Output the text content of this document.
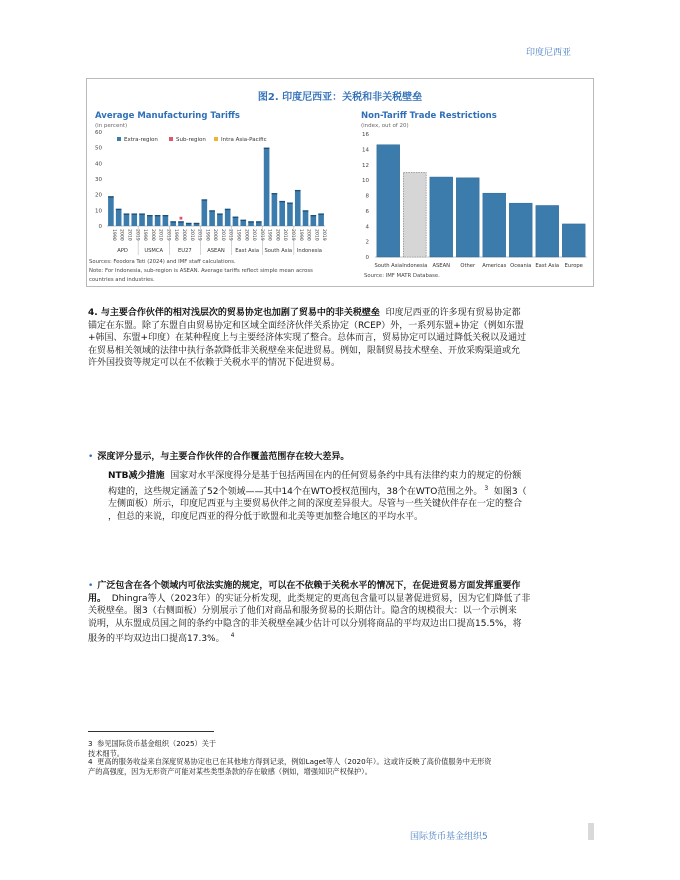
印度尼西亚
图2. 印度尼西亚：关税和非关税壁垒
Average Manufacturing Tariffs
(in percent)
0
10
20
30
40
50
60
Extra-region	Sub-region	Intra Asia-Pacific
1990 2000 2010 2019 1990 2000 2010 2019 1990 2000 2010 2019 1990 2000 2010 2019 1990 2000 2010 2019 1990 2000 2010 2019 1990 2000 2010 2019
APD	USMCA	EU27	ASEAN East Asia South Asia Indonesia
Sources: Feodora Teti (2024) and IMF staff calculations.
Note: For Indonesia, sub-region is ASEAN. Average tariffs reflect simple mean across
countries and industries.
Non-Tariff Trade Restrictions
(index, out of 20)
0
2
4
6
8
10
12
14
16
South Asia Indonesia ASEAN Other Americas Oceania East Asia Europe
Source: IMF MATR Database.
4. 与主要合作伙伴的相对浅层次的贸易协定也加剧了贸易中的非关税壁垒 印度尼西亚的许多现有贸易协定都
锚定在东盟。除了东盟自由贸易协定和区域全面经济伙伴关系协定（RCEP）外，一系列东盟+协定（例如东盟
+韩国、东盟+印度）在某种程度上与主要经济体实现了整合。总体而言，贸易协定可以通过降低关税以及通过
在贸易相关领域的法律中执行条款降低非关税壁垒来促进贸易。例如，限制贸易技术壁垒、开放采购渠道或允
许外国投资等规定可以在不依赖于关税水平的情况下促进贸易。
• 深度评分显示，与主要合作伙伴的合作覆盖范围存在较大差异。
NTB减少措施 国家对水平深度得分是基于包括两国在内的任何贸易条约中具有法律约束力的规定的份额
构建的，这些规定涵盖了52个领域——其中14个在WTO授权范围内，38个在WTO范围之外。 $^3$ 如图3（
左侧面板）所示，印度尼西亚与主要贸易伙伴之间的深度差异很大。尽管与一些关键伙伴存在一定的整合
，但总的来说，印度尼西亚的得分低于欧盟和北美等更加整合地区的平均水平。
• 广泛包含在各个领域内可依法实施的规定，可以在不依赖于关税水平的情况下，在促进贸易方面发挥重要作
用。 Dhingra等人（2023年）的实证分析发现，此类规定的更高包含量可以显著促进贸易，因为它们降低了非
关税壁垒。图3（右侧面板）分别展示了他们对商品和服务贸易的长期估计。隐含的规模很大：以一个示例来
说明，从东盟成员国之间的条约中隐含的非关税壁垒减少估计可以分别将商品的平均双边出口提高15.5%，将
服务的平均双边出口提高17.3%。 $^4$
3 参见国际货币基金组织（2025）关于
技术细节。
4 更高的服务收益来自深度贸易协定也已在其他地方得到记录，例如Laget等人（2020年）。这或许反映了高价值服务中无形资
产的高强度，因为无形资产可能对某些类型条款的存在敏感（例如，增强知识产权保护）。
国际货币基金组织5
